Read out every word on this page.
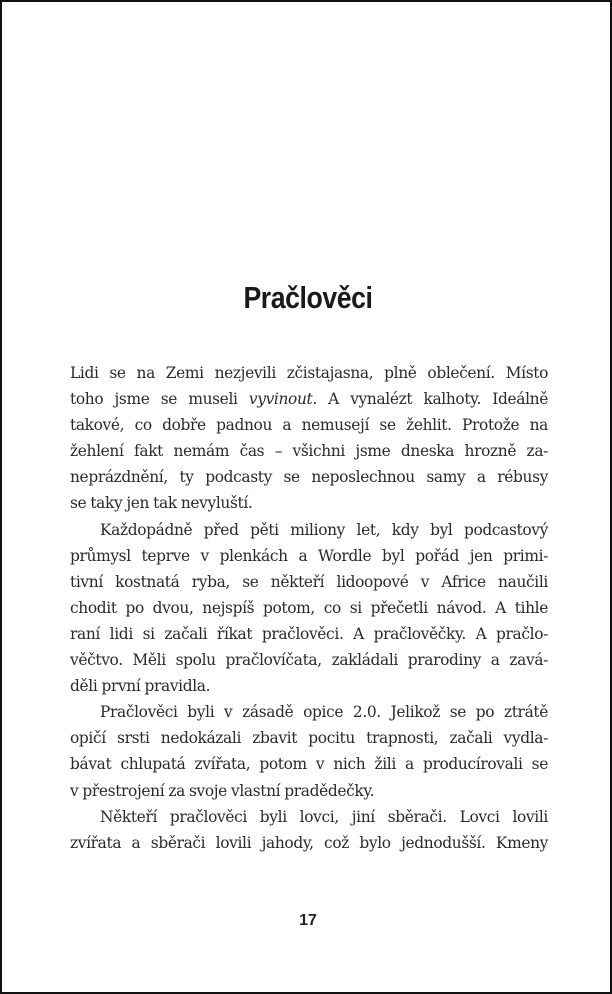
Pračlověci
Lidi se na Zemi nezjevili zčistajasna, plně oblečení. Místo
toho jsme se museli vyvinout. A vynalézt kalhoty. Ideálně
takové, co dobře padnou a nemusejí se žehlit. Protože na
žehlení fakt nemám čas – všichni jsme dneska hrozně za-
neprázdnění, ty podcasty se neposlechnou samy a rébusy
se taky jen tak nevyluští.
Každopádně před pěti miliony let, kdy byl podcastový
průmysl teprve v plenkách a Wordle byl pořád jen primi-
tivní kostnatá ryba, se někteří lidoopové v Africe naučili
chodit po dvou, nejspíš potom, co si přečetli návod. A tihle
raní lidi si začali říkat pračlověci. A pračlověčky. A pračlo-
věčtvo. Měli spolu pračlovíčata, zakládali prarodiny a zavá-
děli první pravidla.
Pračlověci byli v zásadě opice 2.0. Jelikož se po ztrátě
opičí srsti nedokázali zbavit pocitu trapnosti, začali vydla-
bávat chlupatá zvířata, potom v nich žili a producírovali se
v přestrojení za svoje vlastní pradědečky.
Někteří pračlověci byli lovci, jiní sběrači. Lovci lovili
zvířata a sběrači lovili jahody, což bylo jednodušší. Kmeny
17
